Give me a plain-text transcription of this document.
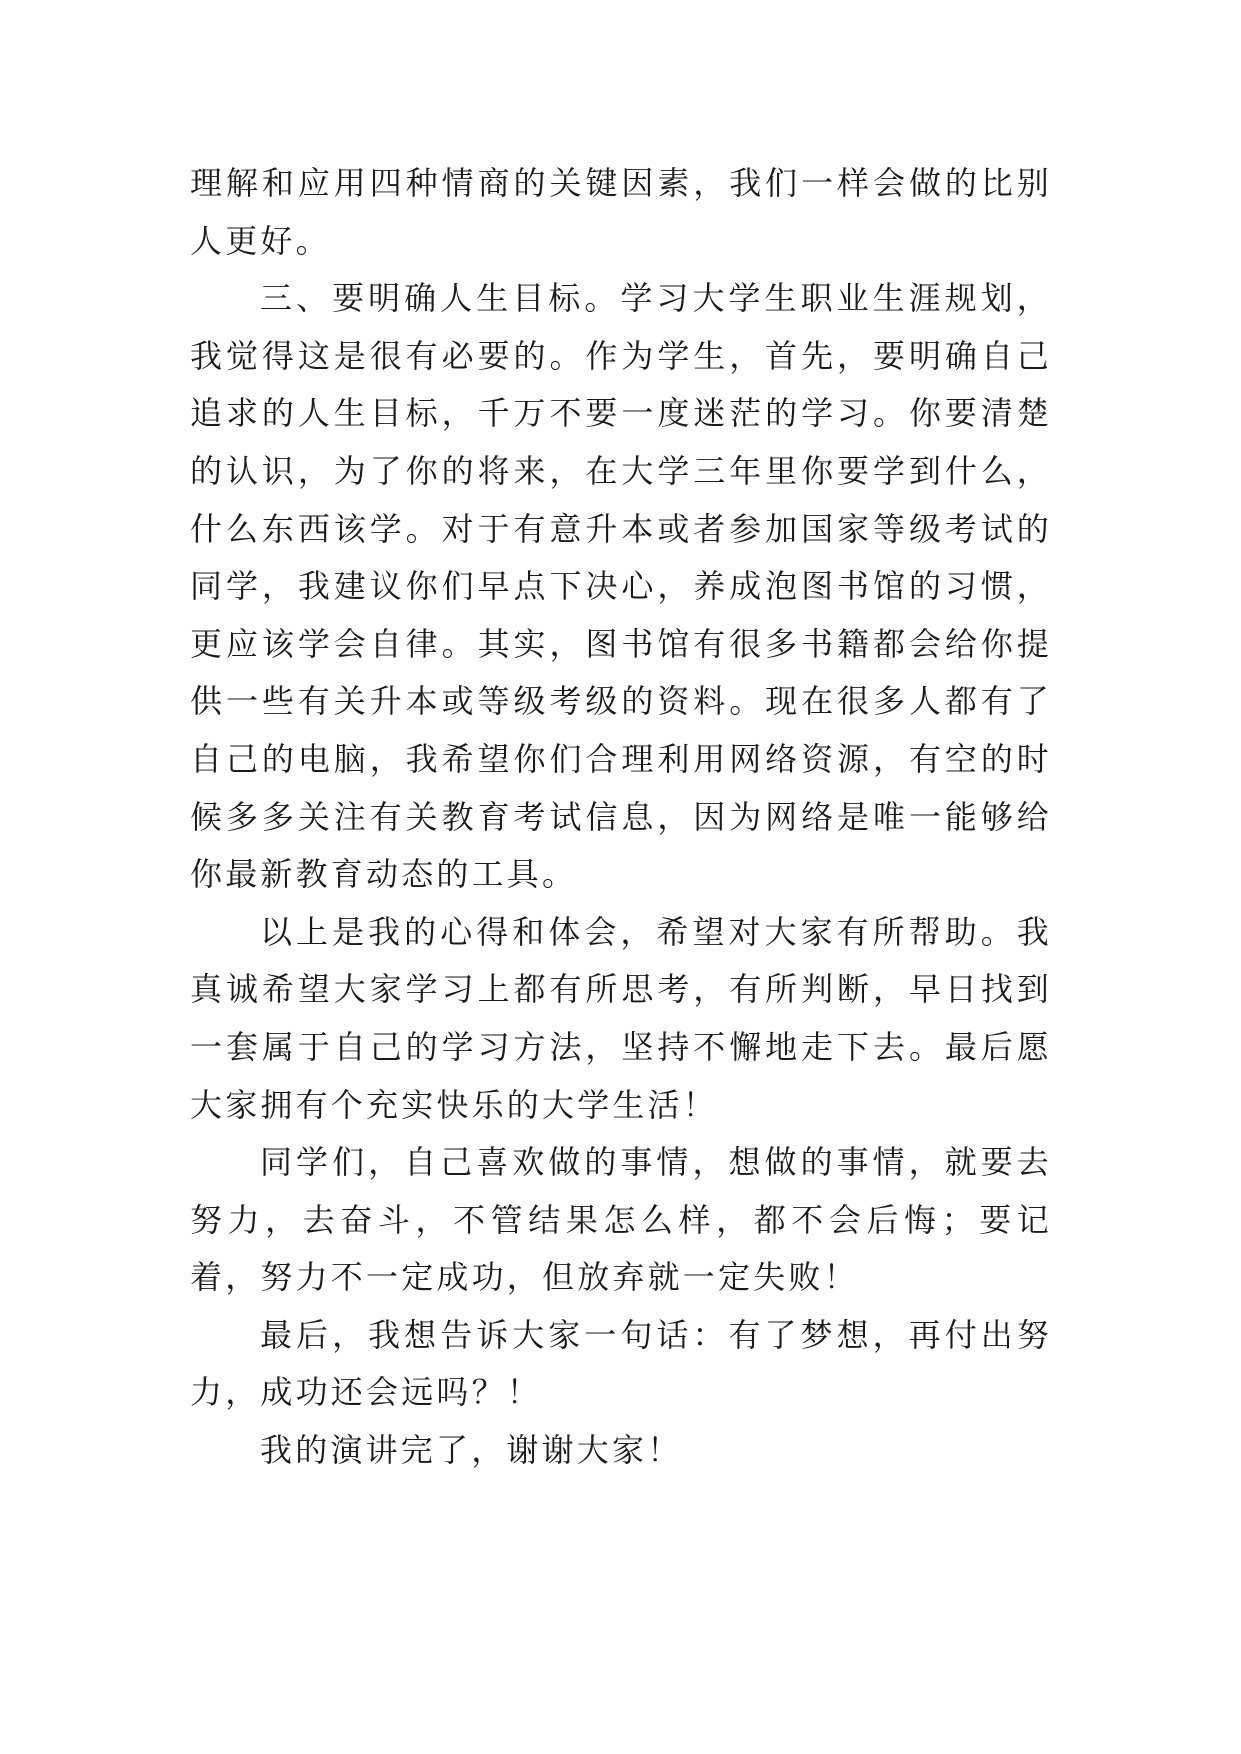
理解和应用四种情商的关键因素，我们一样会做的比别人更好。

三、要明确人生目标。学习大学生职业生涯规划，我觉得这是很有必要的。作为学生，首先，要明确自己追求的人生目标，千万不要一度迷茫的学习。你要清楚的认识，为了你的将来，在大学三年里你要学到什么，什么东西该学。对于有意升本或者参加国家等级考试的同学，我建议你们早点下决心，养成泡图书馆的习惯，更应该学会自律。其实，图书馆有很多书籍都会给你提供一些有关升本或等级考级的资料。现在很多人都有了自己的电脑，我希望你们合理利用网络资源，有空的时候多多关注有关教育考试信息，因为网络是唯一能够给你最新教育动态的工具。

以上是我的心得和体会，希望对大家有所帮助。我真诚希望大家学习上都有所思考，有所判断，早日找到一套属于自己的学习方法，坚持不懈地走下去。最后愿大家拥有个充实快乐的大学生活！

同学们，自己喜欢做的事情，想做的事情，就要去努力，去奋斗，不管结果怎么样，都不会后悔；要记着，努力不一定成功，但放弃就一定失败！

最后，我想告诉大家一句话：有了梦想，再付出努力，成功还会远吗？！

我的演讲完了，谢谢大家！
